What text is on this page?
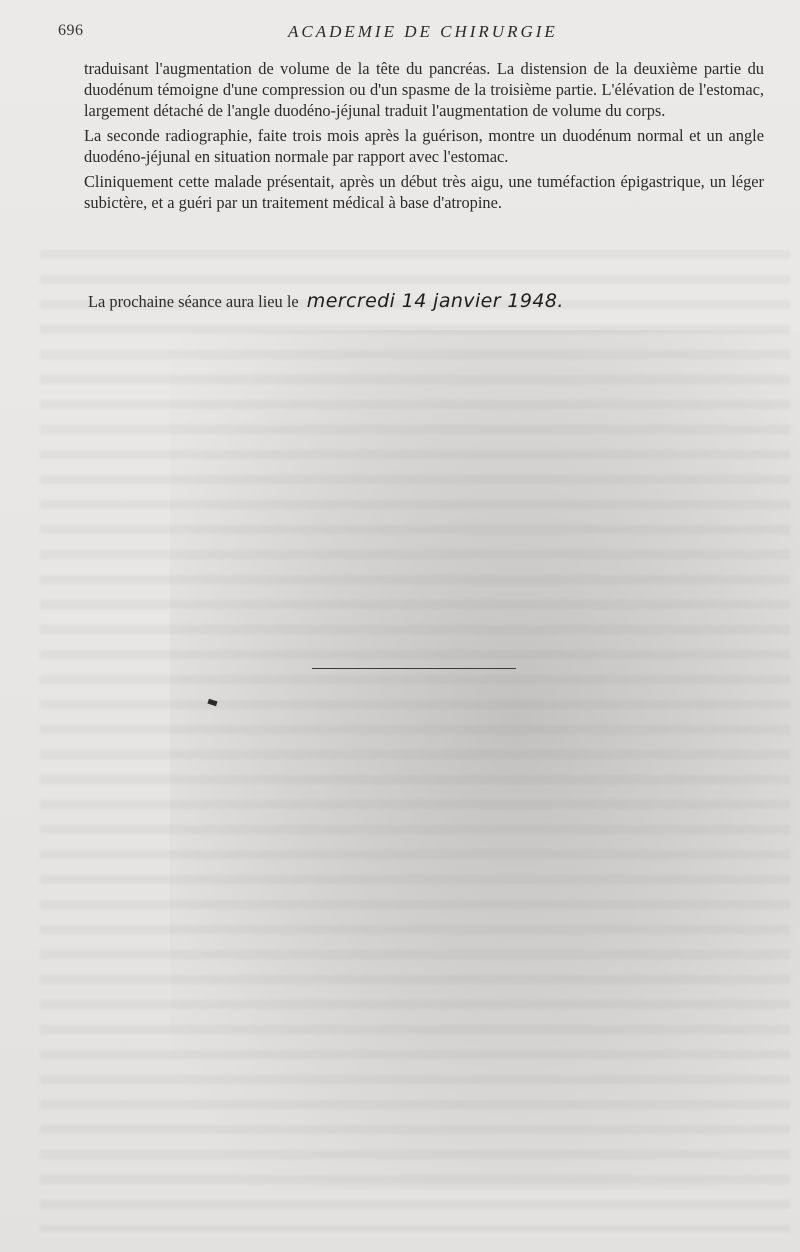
696	ACADEMIE DE CHIRURGIE

traduisant l'augmentation de volume de la tête du pancréas. La distension de la deuxième partie du duodénum témoigne d'une compression ou d'un spasme de la troisième partie. L'élévation de l'estomac, largement détaché de l'angle duodéno-jéjunal traduit l'augmentation de volume du corps.

La seconde radiographie, faite trois mois après la guérison, montre un duodénum normal et un angle duodéno-jéjunal en situation normale par rapport avec l'estomac.

Cliniquement cette malade présentait, après un début très aigu, une tuméfaction épigastrique, un léger subictère, et a guéri par un traitement médical à base d'atropine.

La prochaine séance aura lieu le mercredi 14 janvier 1948.
